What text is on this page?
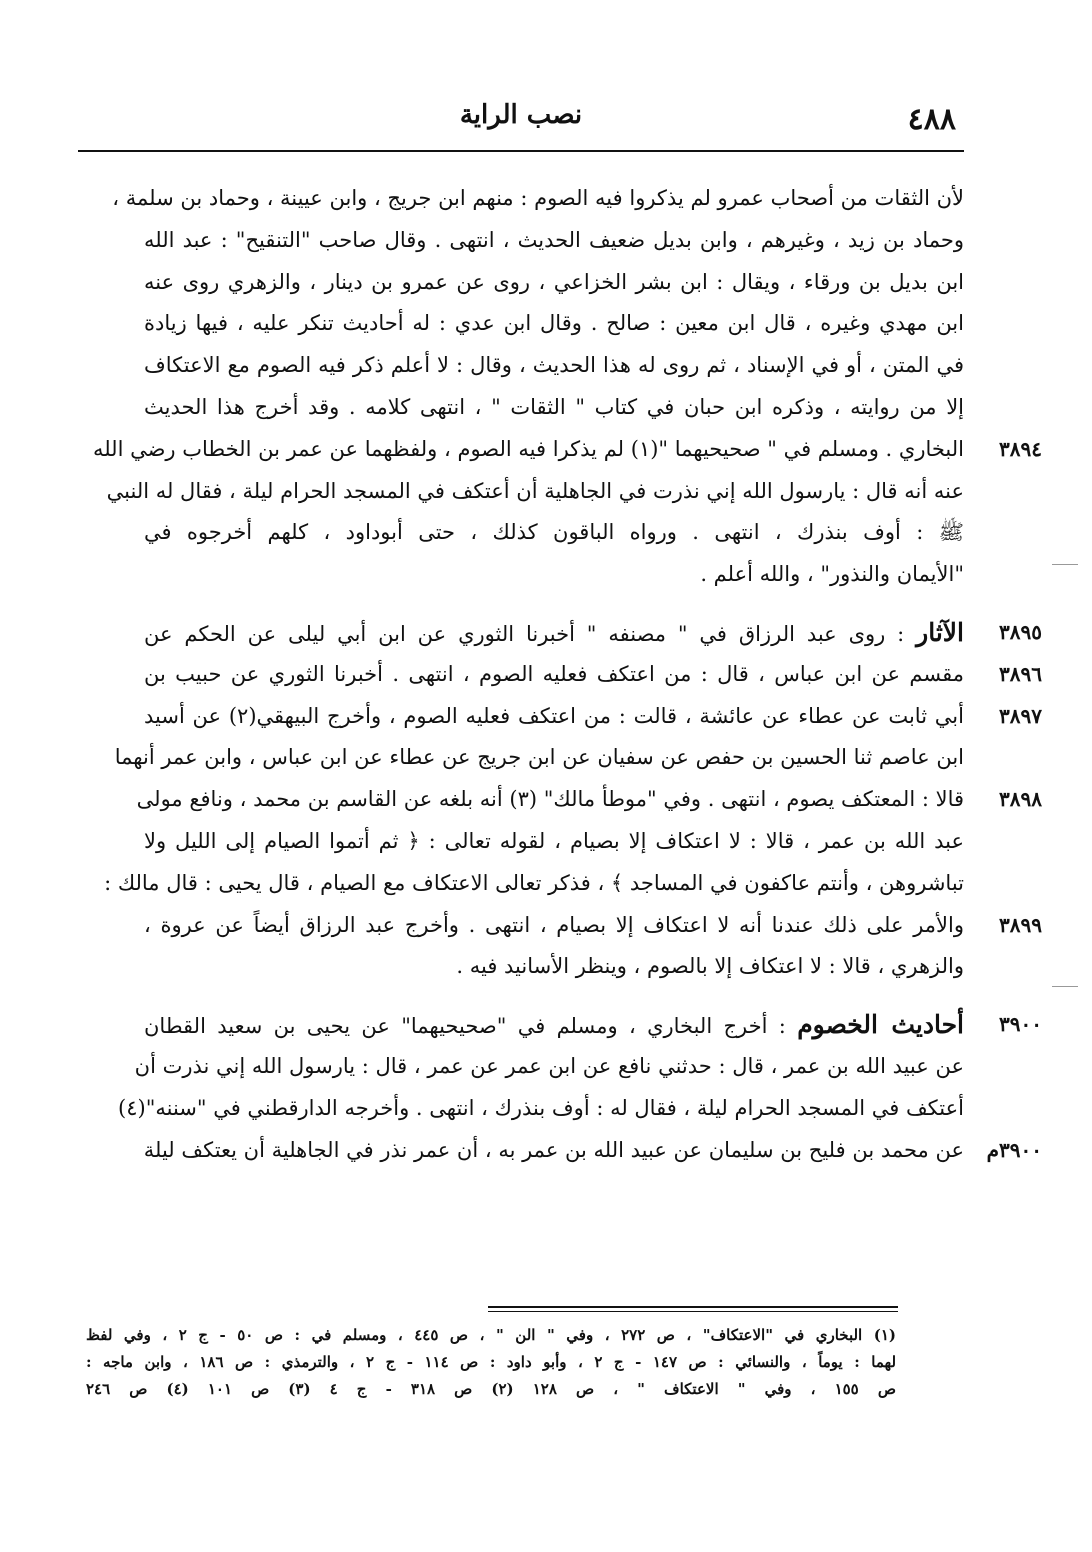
٤٨٨
نصب الراية
لأن الثقات من أصحاب عمرو لم يذكروا فيه الصوم : منهم ابن جريج ، وابن عيينة ، وحماد بن سلمة ،
وحماد بن زيد ، وغيرهم ، وابن بديل ضعيف الحديث ، انتهى . وقال صاحب "التنقيح" : عبد الله
ابن بديل بن ورقاء ، ويقال : ابن بشر الخزاعي ، روى عن عمرو بن دينار ، والزهري روى عنه
ابن مهدي وغيره ، قال ابن معين : صالح . وقال ابن عدي : له أحاديث تنكر عليه ، فيها زيادة
في المتن ، أو في الإسناد ، ثم روى له هذا الحديث ، وقال : لا أعلم ذكر فيه الصوم مع الاعتكاف
إلا من روايته ، وذكره ابن حبان في كتاب " الثقات " ، انتهى كلامه . وقد أخرج هذا الحديث
٣٨٩٤
البخاري . ومسلم في " صحيحيهما "(١) لم يذكرا فيه الصوم ، ولفظهما عن عمر بن الخطاب رضي الله
عنه أنه قال : يارسول الله إني نذرت في الجاهلية أن أعتكف في المسجد الحرام ليلة ، فقال له النبي
ﷺ : أوف بنذرك ، انتهى . ورواه الباقون كذلك ، حتى أبوداود ، كلهم أخرجوه في
"الأيمان والنذور" ، والله أعلم .
٣٨٩٥
الآثار : روى عبد الرزاق في " مصنفه " أخبرنا الثوري عن ابن أبي ليلى عن الحكم عن
٣٨٩٦
مقسم عن ابن عباس ، قال : من اعتكف فعليه الصوم ، انتهى . أخبرنا الثوري عن حبيب بن
٣٨٩٧
أبي ثابت عن عطاء عن عائشة ، قالت : من اعتكف فعليه الصوم ، وأخرج البيهقي(٢) عن أسيد
ابن عاصم ثنا الحسين بن حفص عن سفيان عن ابن جريج عن عطاء عن ابن عباس ، وابن عمر أنهما
٣٨٩٨
قالا : المعتكف يصوم ، انتهى . وفي "موطأ مالك" (٣) أنه بلغه عن القاسم بن محمد ، ونافع مولى
عبد الله بن عمر ، قالا : لا اعتكاف إلا بصيام ، لقوله تعالى : ﴿ ثم أتموا الصيام إلى الليل ولا
تباشروهن ، وأنتم عاكفون في المساجد ﴾ ، فذكر تعالى الاعتكاف مع الصيام ، قال يحيى : قال مالك :
٣٨٩٩
والأمر على ذلك عندنا أنه لا اعتكاف إلا بصيام ، انتهى . وأخرج عبد الرزاق أيضاً عن عروة ،
والزهري ، قالا : لا اعتكاف إلا بالصوم ، وينظر الأسانيد فيه .
٣٩٠٠
أحاديث الخصوم : أخرج البخاري ، ومسلم في "صحيحيهما" عن يحيى بن سعيد القطان
عن عبيد الله بن عمر ، قال : حدثني نافع عن ابن عمر عن عمر ، قال : يارسول الله إني نذرت أن
أعتكف في المسجد الحرام ليلة ، فقال له : أوف بنذرك ، انتهى . وأخرجه الدارقطني في "سننه"(٤)
٣٩٠٠م
عن محمد بن فليح بن سليمان عن عبيد الله بن عمر به ، أن عمر نذر في الجاهلية أن يعتكف ليلة
(١) البخاري في "الاعتكاف" ، ص ٢٧٢ ، وفي " الن " ، ص ٤٤٥ ، ومسلم في : ص ٥٠ - ج ٢ ، وفي لفظ
لهما : يوماً ، والنسائي : ص ١٤٧ - ج ٢ ، وأبو داود : ص ١١٤ - ج ٢ ، والترمذي : ص ١٨٦ ، وابن ماجه :
ص ١٥٥ ، وفي " الاعتكاف " ، ص ١٢٨ (٢) ص ٣١٨ - ج ٤ (٣) ص ١٠١ (٤) ص ٢٤٦
